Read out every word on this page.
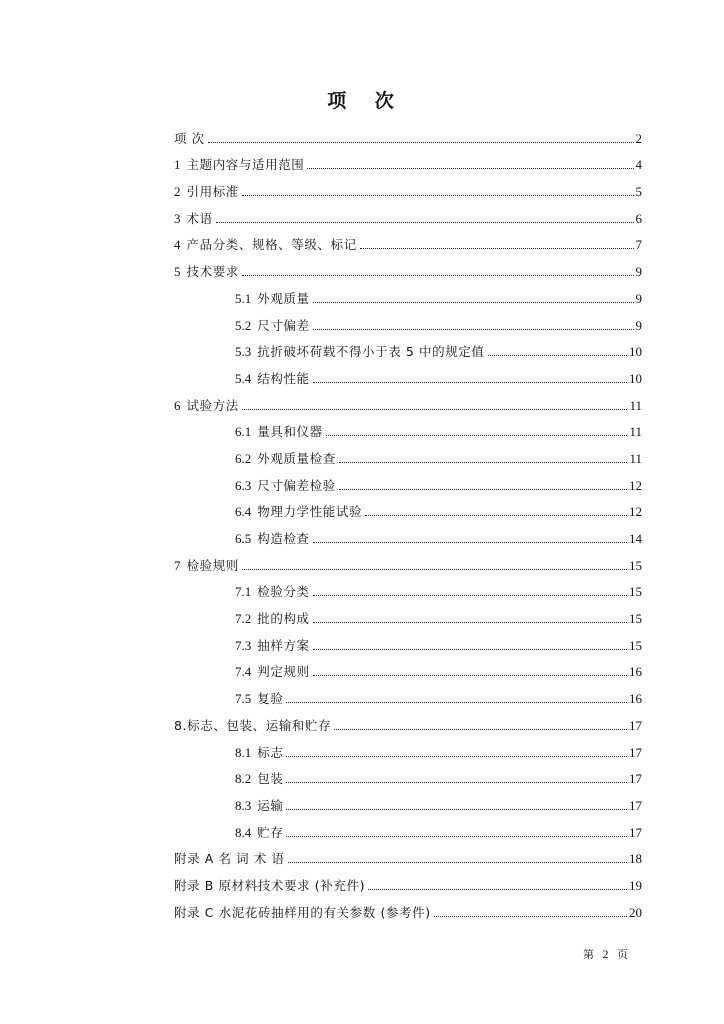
项 次
项 次	2
1 主题内容与适用范围	4
2 引用标准	5
3 术语	6
4 产品分类、规格、等级、标记	7
5 技术要求	9
5.1 外观质量	9
5.2 尺寸偏差	9
5.3 抗折破坏荷载不得小于表 5 中的规定值	10
5.4 结构性能	10
6 试验方法	11
6.1 量具和仪器	11
6.2 外观质量检查	11
6.3 尺寸偏差检验	12
6.4 物理力学性能试验	12
6.5 构造检查	14
7 检验规则	15
7.1 检验分类	15
7.2 批的构成	15
7.3 抽样方案	15
7.4 判定规则	16
7.5 复验	16
8.标志、包装、运输和贮存	17
8.1 标志	17
8.2 包装	17
8.3 运输	17
8.4 贮存	17
附录 A 名 词 术 语	18
附录 B 原材料技术要求 (补充件)	19
附录 C 水泥花砖抽样用的有关参数 (参考件)	20
第 2 页
